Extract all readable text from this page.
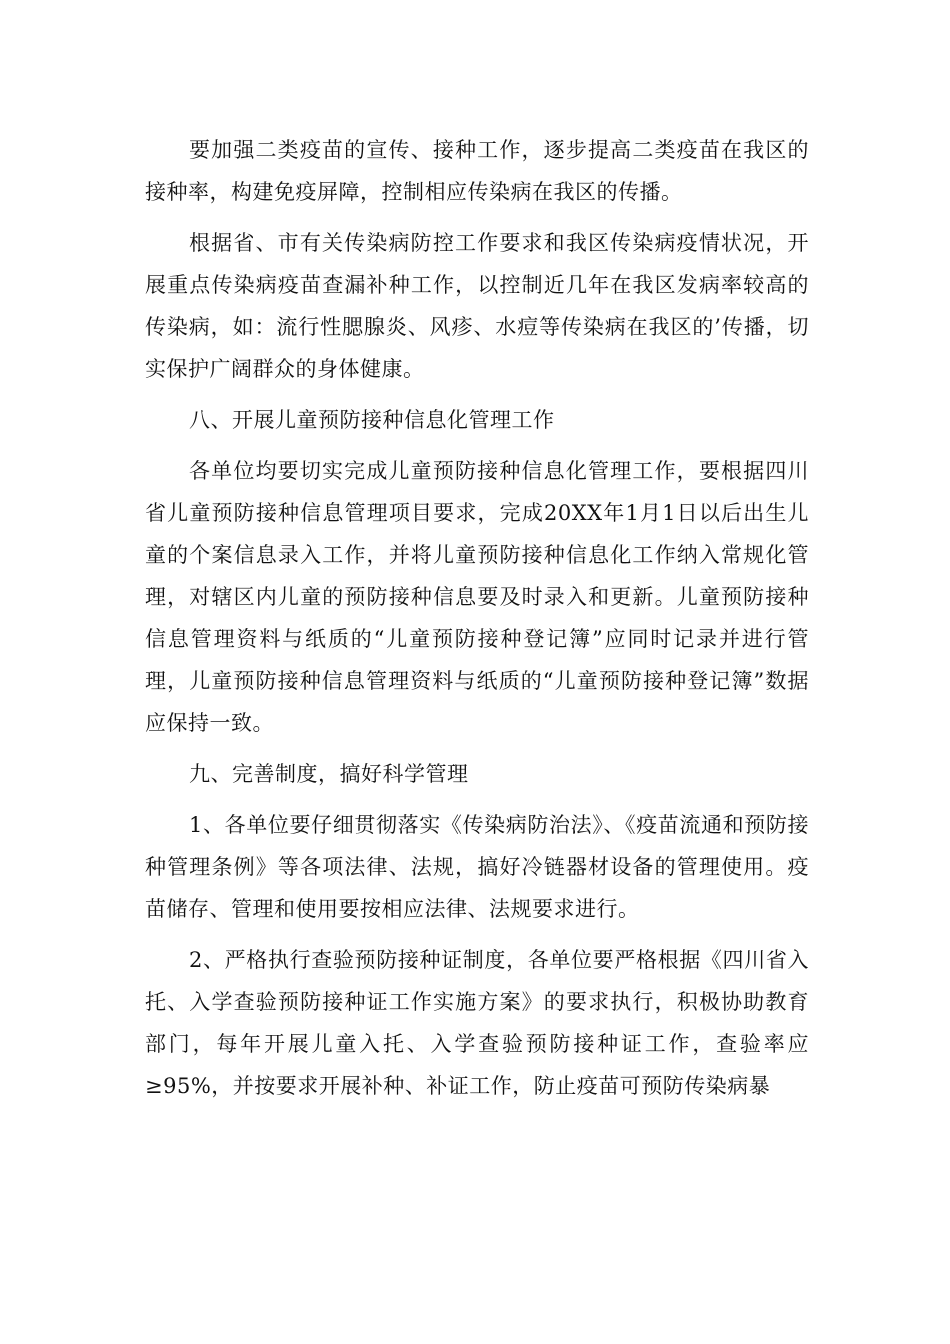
要加强二类疫苗的宣传、接种工作，逐步提高二类疫苗在我区的接种率，构建免疫屏障，控制相应传染病在我区的传播。

根据省、市有关传染病防控工作要求和我区传染病疫情状况，开展重点传染病疫苗查漏补种工作，以控制近几年在我区发病率较高的传染病，如：流行性腮腺炎、风疹、水痘等传染病在我区的’传播，切实保护广阔群众的身体健康。

八、开展儿童预防接种信息化管理工作

各单位均要切实完成儿童预防接种信息化管理工作，要根据四川省儿童预防接种信息管理项目要求，完成20XX年1月1日以后出生儿童的个案信息录入工作，并将儿童预防接种信息化工作纳入常规化管理，对辖区内儿童的预防接种信息要及时录入和更新。儿童预防接种信息管理资料与纸质的“儿童预防接种登记簿”应同时记录并进行管理，儿童预防接种信息管理资料与纸质的“儿童预防接种登记簿”数据应保持一致。

九、完善制度，搞好科学管理

1、各单位要仔细贯彻落实《传染病防治法》、《疫苗流通和预防接种管理条例》等各项法律、法规，搞好冷链器材设备的管理使用。疫苗储存、管理和使用要按相应法律、法规要求进行。

2、严格执行查验预防接种证制度，各单位要严格根据《四川省入托、入学查验预防接种证工作实施方案》的要求执行，积极协助教育部门，每年开展儿童入托、入学查验预防接种证工作，查验率应≥95%，并按要求开展补种、补证工作，防止疫苗可预防传染病暴
